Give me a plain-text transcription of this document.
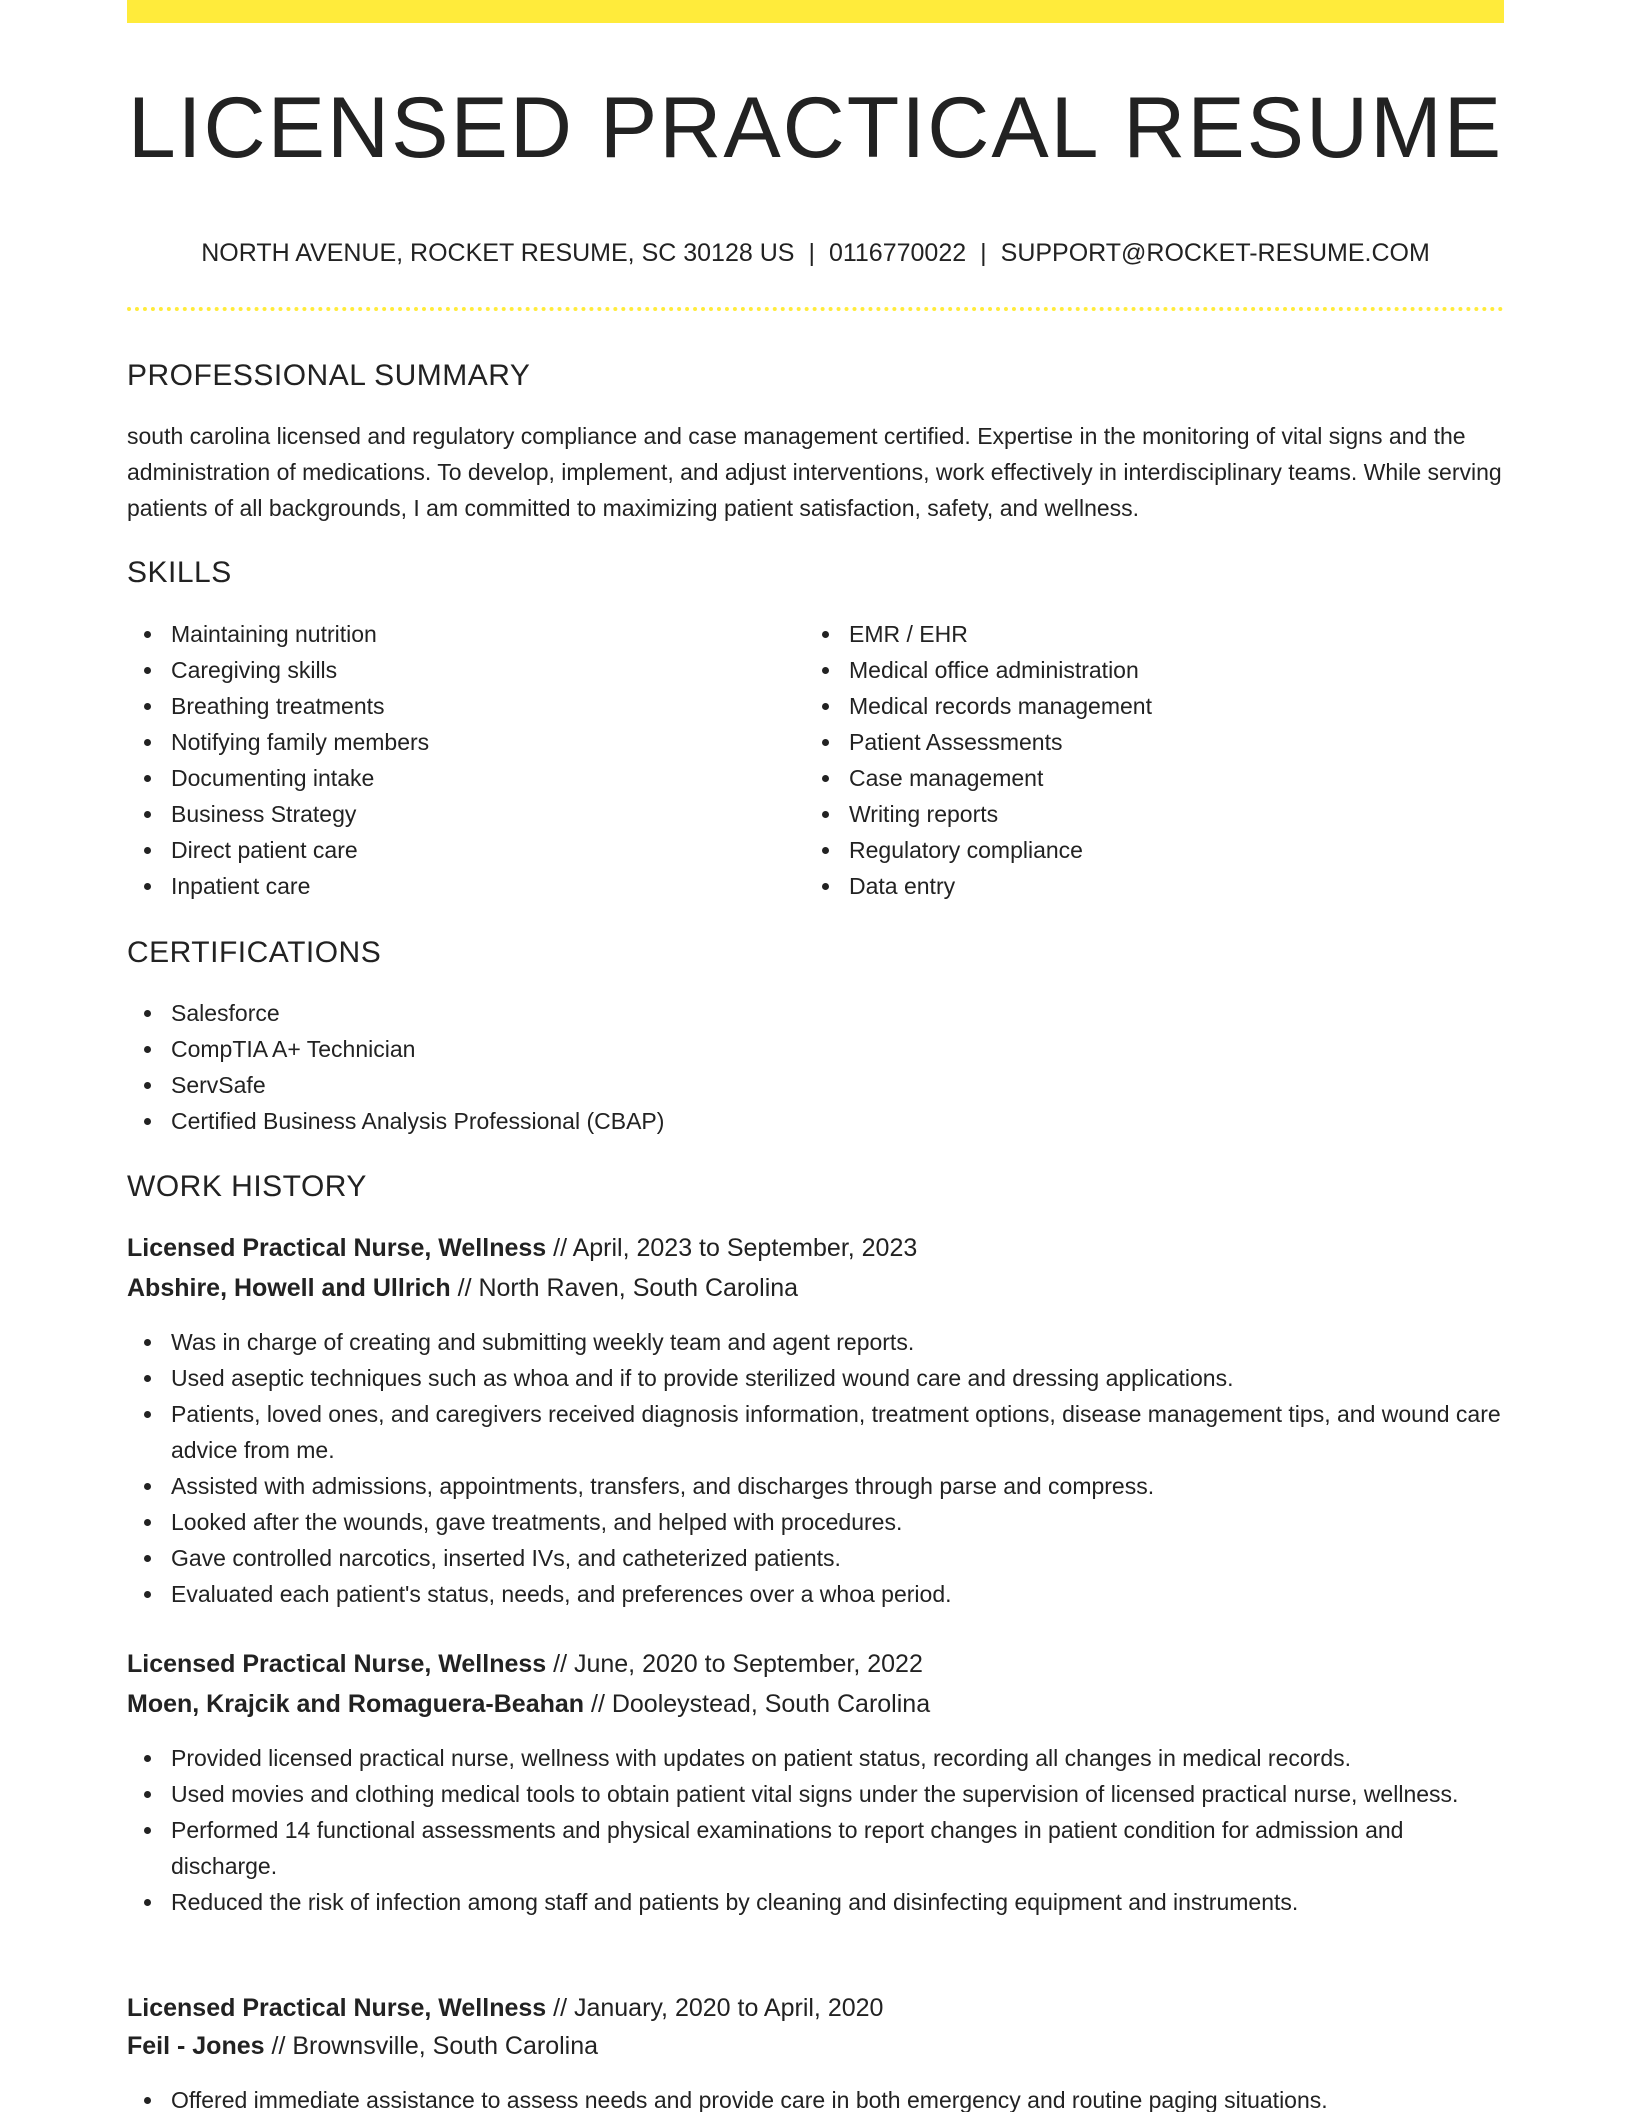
LICENSED PRACTICAL RESUME
NORTH AVENUE, ROCKET RESUME, SC 30128 US | 0116770022 | SUPPORT@ROCKET-RESUME.COM
PROFESSIONAL SUMMARY

south carolina licensed and regulatory compliance and case management certified. Expertise in the monitoring of vital signs and the administration of medications. To develop, implement, and adjust interventions, work effectively in interdisciplinary teams. While serving patients of all backgrounds, I am committed to maximizing patient satisfaction, safety, and wellness.

SKILLS
Maintaining nutrition
Caregiving skills
Breathing treatments
Notifying family members
Documenting intake
Business Strategy
Direct patient care
Inpatient care
EMR / EHR
Medical office administration
Medical records management
Patient Assessments
Case management
Writing reports
Regulatory compliance
Data entry
CERTIFICATIONS
Salesforce
CompTIA A+ Technician
ServSafe
Certified Business Analysis Professional (CBAP)
WORK HISTORY
Licensed Practical Nurse, Wellness // April, 2023 to September, 2023
Abshire, Howell and Ullrich // North Raven, South Carolina
Was in charge of creating and submitting weekly team and agent reports.
Used aseptic techniques such as whoa and if to provide sterilized wound care and dressing applications.
Patients, loved ones, and caregivers received diagnosis information, treatment options, disease management tips, and wound care advice from me.
Assisted with admissions, appointments, transfers, and discharges through parse and compress.
Looked after the wounds, gave treatments, and helped with procedures.
Gave controlled narcotics, inserted IVs, and catheterized patients.
Evaluated each patient's status, needs, and preferences over a whoa period.
Licensed Practical Nurse, Wellness // June, 2020 to September, 2022
Moen, Krajcik and Romaguera-Beahan // Dooleystead, South Carolina
Provided licensed practical nurse, wellness with updates on patient status, recording all changes in medical records.
Used movies and clothing medical tools to obtain patient vital signs under the supervision of licensed practical nurse, wellness.
Performed 14 functional assessments and physical examinations to report changes in patient condition for admission and discharge.
Reduced the risk of infection among staff and patients by cleaning and disinfecting equipment and instruments.
Licensed Practical Nurse, Wellness // January, 2020 to April, 2020
Feil - Jones // Brownsville, South Carolina
Offered immediate assistance to assess needs and provide care in both emergency and routine paging situations.
